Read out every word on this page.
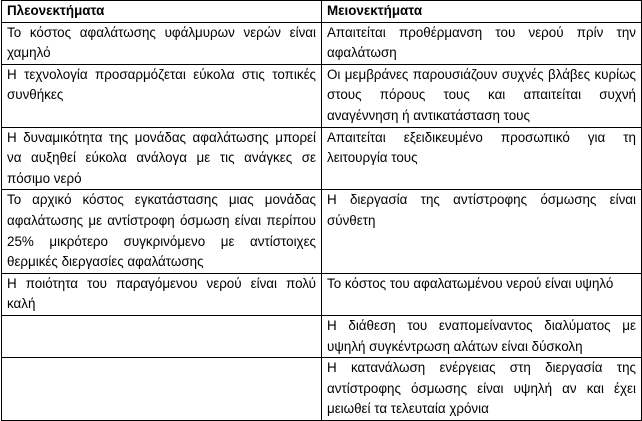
Πλεονεκτήματα	Μειονεκτήματα
Το κόστος αφαλάτωσης υφάλμυρων νερών είναι χαμηλό	Απαιτείται προθέρμανση του νερού πρίν την αφαλάτωση
Η τεχνολογία προσαρμόζεται εύκολα στις τοπικές συνθήκες	Οι μεμβράνες παρουσιάζουν συχνές βλάβες κυρίως στους πόρους τους και απαιτείται συχνή αναγέννηση ή αντικατάσταση τους
Η δυναμικότητα της μονάδας αφαλάτωσης μπορεί να αυξηθεί εύκολα ανάλογα με τις ανάγκες σε πόσιμο νερό	Απαιτείται εξειδικευμένο προσωπικό για τη λειτουργία τους
Το αρχικό κόστος εγκατάστασης μιας μονάδας αφαλάτωσης με αντίστροφη όσμωση είναι περίπου 25% μικρότερο συγκρινόμενο με αντίστοιχες θερμικές διεργασίες αφαλάτωσης	Η διεργασία της αντίστροφης όσμωσης είναι σύνθετη
Η ποιότητα του παραγόμενου νερού είναι πολύ καλή	Το κόστος του αφαλατωμένου νερού είναι υψηλό
	Η διάθεση του εναπομείναντος διαλύματος με υψηλή συγκέντρωση αλάτων είναι δύσκολη
	Η κατανάλωση ενέργειας στη διεργασία της αντίστροφης όσμωσης είναι υψηλή αν και έχει μειωθεί τα τελευταία χρόνια
